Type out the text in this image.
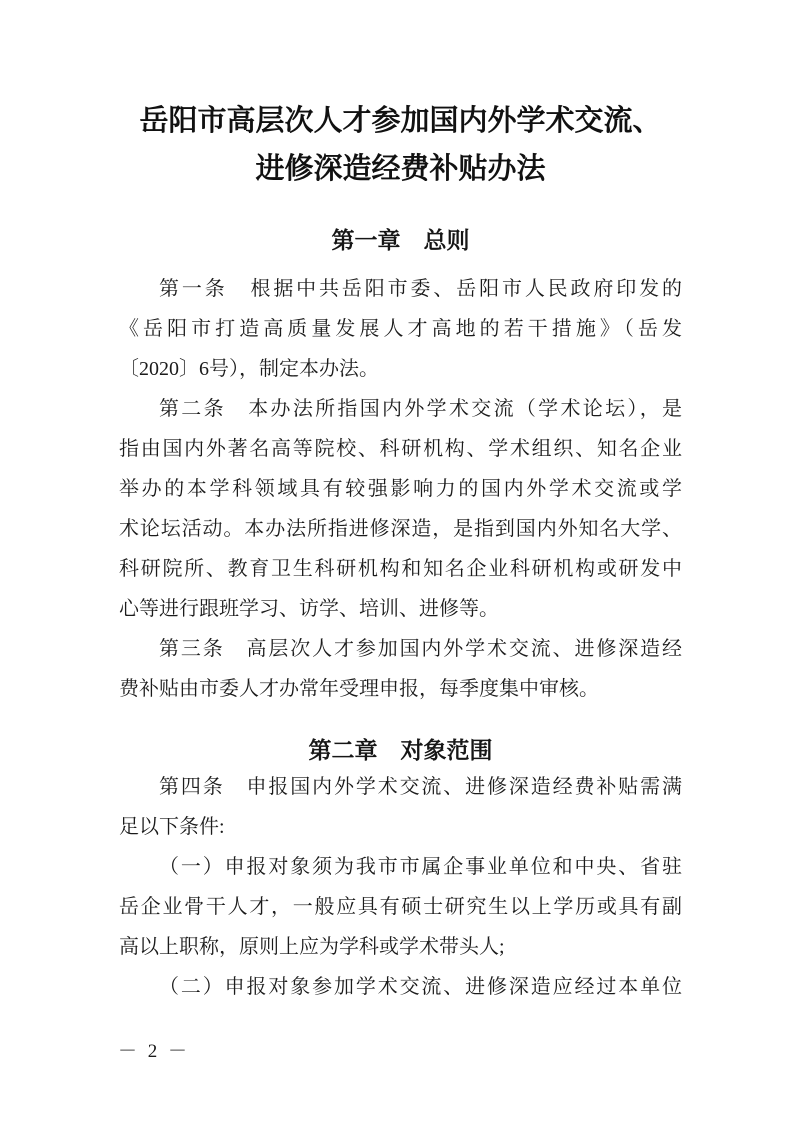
岳阳市高层次人才参加国内外学术交流、
进修深造经费补贴办法
第一章　总则
第一条　根据中共岳阳市委、岳阳市人民政府印发的
《岳阳市打造高质量发展人才高地的若干措施》（岳发
〔2020〕6号），制定本办法。
第二条　本办法所指国内外学术交流（学术论坛），是
指由国内外著名高等院校、科研机构、学术组织、知名企业
举办的本学科领域具有较强影响力的国内外学术交流或学
术论坛活动。本办法所指进修深造，是指到国内外知名大学、
科研院所、教育卫生科研机构和知名企业科研机构或研发中
心等进行跟班学习、访学、培训、进修等。
第三条　高层次人才参加国内外学术交流、进修深造经
费补贴由市委人才办常年受理申报，每季度集中审核。
第二章　对象范围
第四条　申报国内外学术交流、进修深造经费补贴需满
足以下条件:
（一）申报对象须为我市市属企事业单位和中央、省驻
岳企业骨干人才，一般应具有硕士研究生以上学历或具有副
高以上职称，原则上应为学科或学术带头人;
（二）申报对象参加学术交流、进修深造应经过本单位
－ 2 －
